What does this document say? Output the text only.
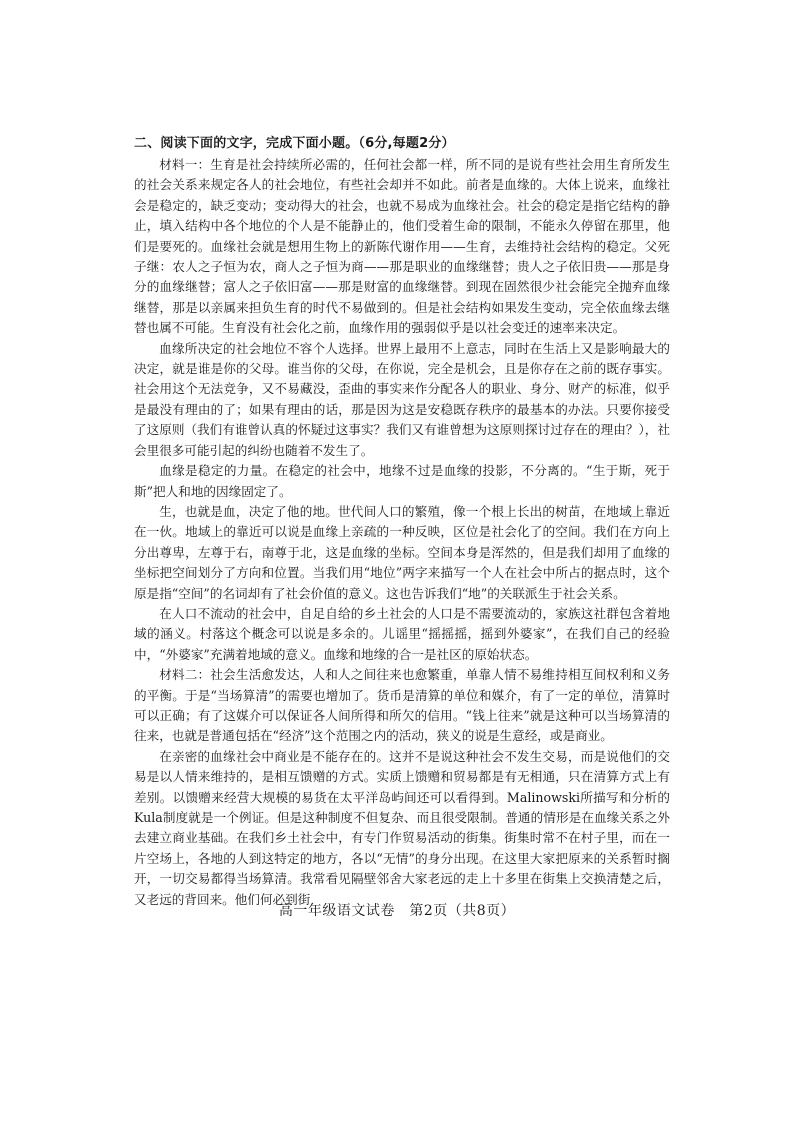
二、阅读下面的文字，完成下面小题。（6分,每题2分）

材料一：生育是社会持续所必需的，任何社会都一样，所不同的是说有些社会用生育所发生的社会关系来规定各人的社会地位，有些社会却并不如此。前者是血缘的。大体上说来，血缘社会是稳定的，缺乏变动；变动得大的社会，也就不易成为血缘社会。社会的稳定是指它结构的静止，填入结构中各个地位的个人是不能静止的，他们受着生命的限制，不能永久停留在那里，他们是要死的。血缘社会就是想用生物上的新陈代谢作用——生育，去维持社会结构的稳定。父死子继：农人之子恒为农，商人之子恒为商——那是职业的血缘继替；贵人之子依旧贵——那是身分的血缘继替；富人之子依旧富——那是财富的血缘继替。到现在固然很少社会能完全抛弃血缘继替，那是以亲属来担负生育的时代不易做到的。但是社会结构如果发生变动，完全依血缘去继替也属不可能。生育没有社会化之前，血缘作用的强弱似乎是以社会变迁的速率来决定。

血缘所决定的社会地位不容个人选择。世界上最用不上意志，同时在生活上又是影响最大的决定，就是谁是你的父母。谁当你的父母，在你说，完全是机会，且是你存在之前的既存事实。社会用这个无法竞争，又不易藏没，歪曲的事实来作分配各人的职业、身分、财产的标准，似乎是最没有理由的了；如果有理由的话，那是因为这是安稳既存秩序的最基本的办法。只要你接受了这原则（我们有谁曾认真的怀疑过这事实？我们又有谁曾想为这原则探讨过存在的理由？），社会里很多可能引起的纠纷也随着不发生了。

血缘是稳定的力量。在稳定的社会中，地缘不过是血缘的投影，不分离的。“生于斯，死于斯”把人和地的因缘固定了。

生，也就是血，决定了他的地。世代间人口的繁殖，像一个根上长出的树苗，在地域上靠近在一伙。地域上的靠近可以说是血缘上亲疏的一种反映，区位是社会化了的空间。我们在方向上分出尊卑，左尊于右，南尊于北，这是血缘的坐标。空间本身是浑然的，但是我们却用了血缘的坐标把空间划分了方向和位置。当我们用“地位”两字来描写一个人在社会中所占的据点时，这个原是指“空间”的名词却有了社会价值的意义。这也告诉我们“地”的关联派生于社会关系。

在人口不流动的社会中，自足自给的乡土社会的人口是不需要流动的，家族这社群包含着地域的涵义。村落这个概念可以说是多余的。儿谣里“摇摇摇，摇到外婆家”，在我们自己的经验中，“外婆家”充满着地域的意义。血缘和地缘的合一是社区的原始状态。

材料二：社会生活愈发达，人和人之间往来也愈繁重，单靠人情不易维持相互间权利和义务的平衡。于是“当场算清”的需要也增加了。货币是清算的单位和媒介，有了一定的单位，清算时可以正确；有了这媒介可以保证各人间所得和所欠的信用。“钱上往来”就是这种可以当场算清的往来，也就是普通包括在“经济”这个范围之内的活动，狭义的说是生意经，或是商业。

在亲密的血缘社会中商业是不能存在的。这并不是说这种社会不发生交易，而是说他们的交易是以人情来维持的，是相互馈赠的方式。实质上馈赠和贸易都是有无相通，只在清算方式上有差别。以馈赠来经营大规模的易货在太平洋岛屿间还可以看得到。Malinowski所描写和分析的Kula制度就是一个例证。但是这种制度不但复杂、而且很受限制。普通的情形是在血缘关系之外去建立商业基础。在我们乡土社会中，有专门作贸易活动的街集。街集时常不在村子里，而在一片空场上，各地的人到这特定的地方，各以“无情”的身分出现。在这里大家把原来的关系暂时搁开，一切交易都得当场算清。我常看见隔壁邻舍大家老远的走上十多里在街集上交换清楚之后，又老远的背回来。他们何必到街

高一年级语文试卷　第2页（共8页）
